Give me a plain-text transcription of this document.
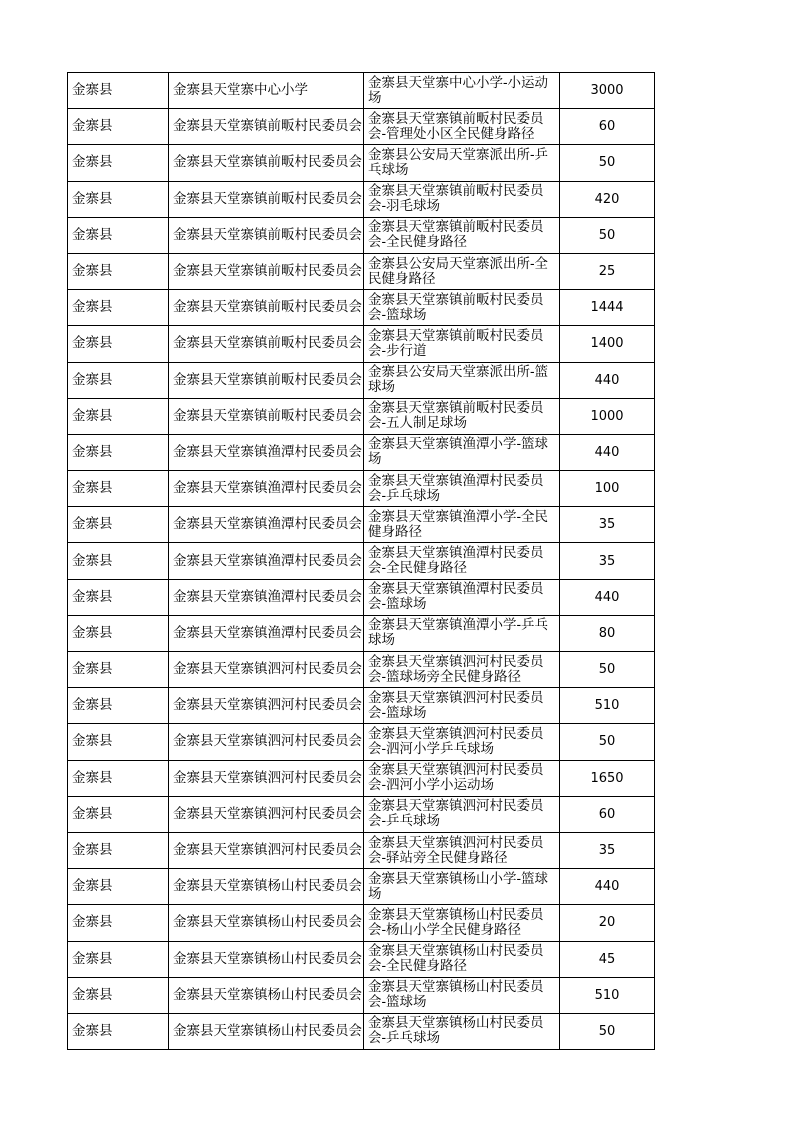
金寨县	金寨县天堂寨中心小学	金寨县天堂寨中心小学-小运动场	3000

金寨县	金寨县天堂寨镇前畈村民委员会	金寨县天堂寨镇前畈村民委员会-管理处小区全民健身路径	60

金寨县	金寨县天堂寨镇前畈村民委员会	金寨县公安局天堂寨派出所-乒乓球场	50

金寨县	金寨县天堂寨镇前畈村民委员会	金寨县天堂寨镇前畈村民委员会-羽毛球场	420

金寨县	金寨县天堂寨镇前畈村民委员会	金寨县天堂寨镇前畈村民委员会-全民健身路径	50

金寨县	金寨县天堂寨镇前畈村民委员会	金寨县公安局天堂寨派出所-全民健身路径	25

金寨县	金寨县天堂寨镇前畈村民委员会	金寨县天堂寨镇前畈村民委员会-篮球场	1444

金寨县	金寨县天堂寨镇前畈村民委员会	金寨县天堂寨镇前畈村民委员会-步行道	1400

金寨县	金寨县天堂寨镇前畈村民委员会	金寨县公安局天堂寨派出所-篮球场	440

金寨县	金寨县天堂寨镇前畈村民委员会	金寨县天堂寨镇前畈村民委员会-五人制足球场	1000

金寨县	金寨县天堂寨镇渔潭村民委员会	金寨县天堂寨镇渔潭小学-篮球场	440

金寨县	金寨县天堂寨镇渔潭村民委员会	金寨县天堂寨镇渔潭村民委员会-乒乓球场	100

金寨县	金寨县天堂寨镇渔潭村民委员会	金寨县天堂寨镇渔潭小学-全民健身路径	35

金寨县	金寨县天堂寨镇渔潭村民委员会	金寨县天堂寨镇渔潭村民委员会-全民健身路径	35

金寨县	金寨县天堂寨镇渔潭村民委员会	金寨县天堂寨镇渔潭村民委员会-篮球场	440

金寨县	金寨县天堂寨镇渔潭村民委员会	金寨县天堂寨镇渔潭小学-乒乓球场	80

金寨县	金寨县天堂寨镇泗河村民委员会	金寨县天堂寨镇泗河村民委员会-篮球场旁全民健身路径	50

金寨县	金寨县天堂寨镇泗河村民委员会	金寨县天堂寨镇泗河村民委员会-篮球场	510

金寨县	金寨县天堂寨镇泗河村民委员会	金寨县天堂寨镇泗河村民委员会-泗河小学乒乓球场	50

金寨县	金寨县天堂寨镇泗河村民委员会	金寨县天堂寨镇泗河村民委员会-泗河小学小运动场	1650

金寨县	金寨县天堂寨镇泗河村民委员会	金寨县天堂寨镇泗河村民委员会-乒乓球场	60

金寨县	金寨县天堂寨镇泗河村民委员会	金寨县天堂寨镇泗河村民委员会-驿站旁全民健身路径	35

金寨县	金寨县天堂寨镇杨山村民委员会	金寨县天堂寨镇杨山小学-篮球场	440

金寨县	金寨县天堂寨镇杨山村民委员会	金寨县天堂寨镇杨山村民委员会-杨山小学全民健身路径	20

金寨县	金寨县天堂寨镇杨山村民委员会	金寨县天堂寨镇杨山村民委员会-全民健身路径	45

金寨县	金寨县天堂寨镇杨山村民委员会	金寨县天堂寨镇杨山村民委员会-篮球场	510

金寨县	金寨县天堂寨镇杨山村民委员会	金寨县天堂寨镇杨山村民委员会-乒乓球场	50
